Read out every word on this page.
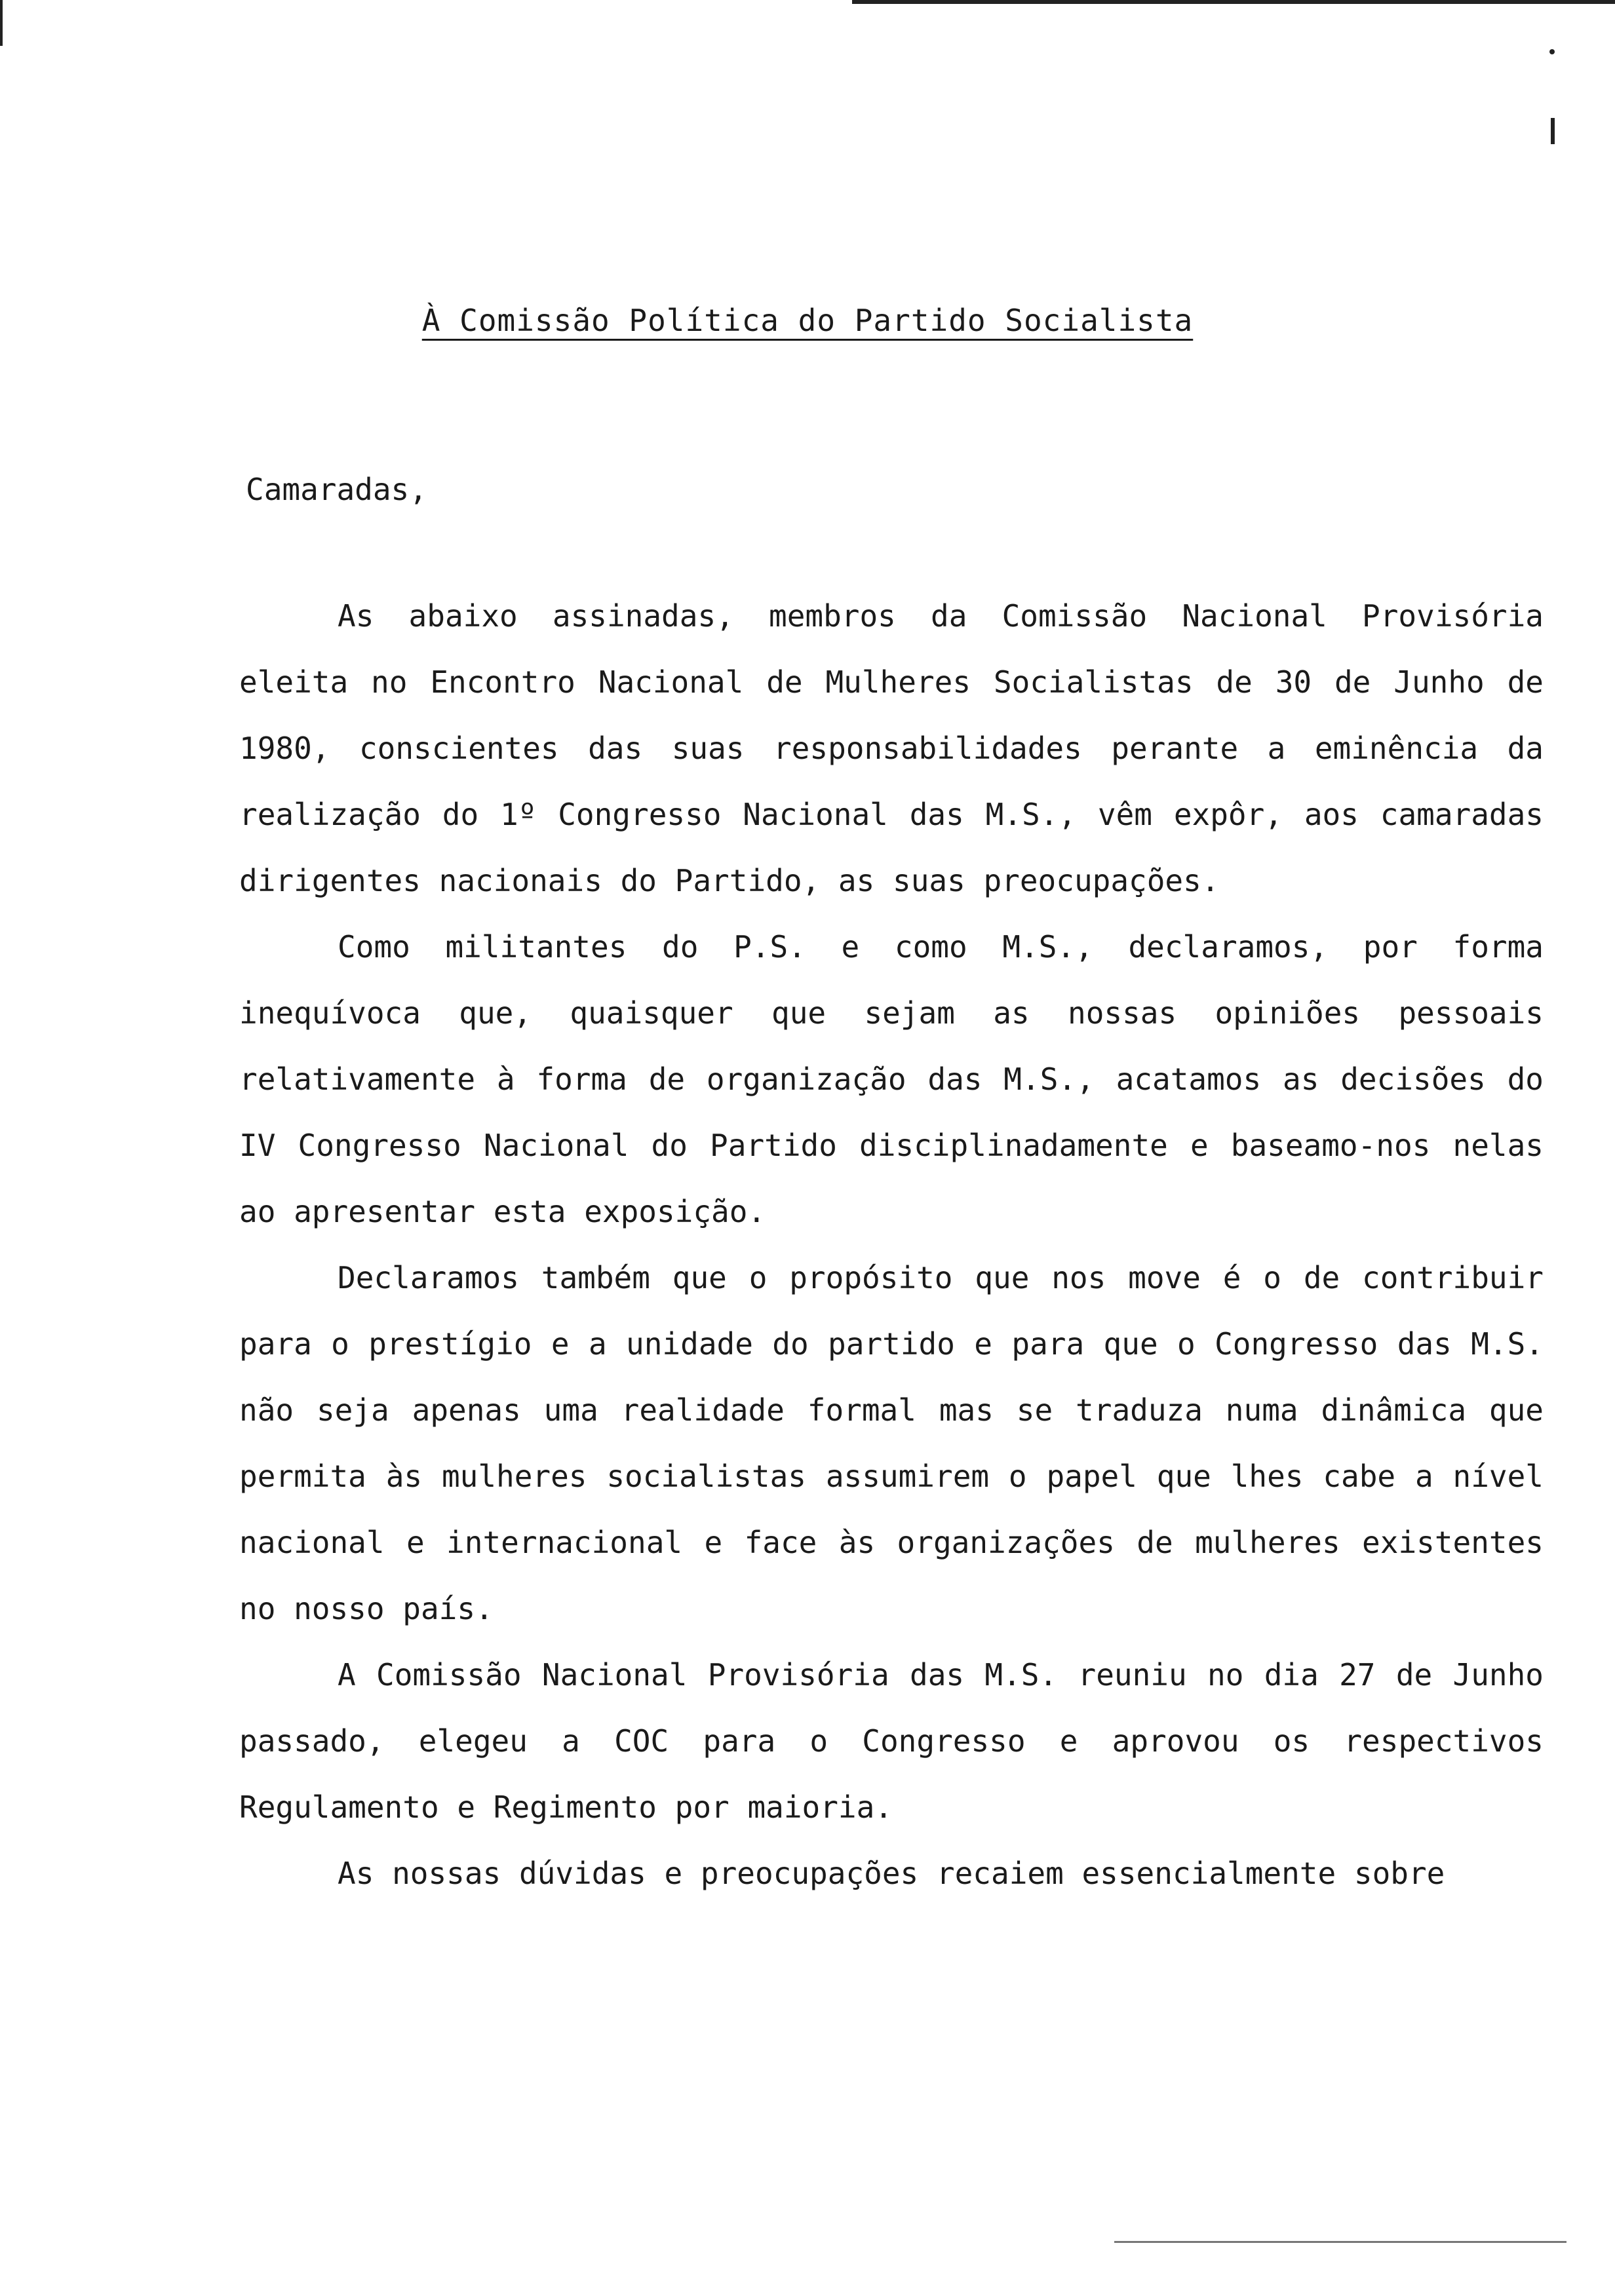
À Comissão Política do Partido Socialista
Camaradas,

As abaixo assinadas, membros da Comissão Nacional Provisória eleita no Encontro Nacional de Mulheres Socialistas de 30 de Junho de 1980, conscientes das suas responsabilidades perante a eminência da realização do 1º Congresso Nacional das M.S., vêm expôr, aos camaradas dirigentes nacionais do Partido, as suas preocupações.

Como militantes do P.S. e como M.S., declaramos, por forma inequívoca que, quaisquer que sejam as nossas opiniões pessoais relativamente à forma de organização das M.S., acatamos as decisões do IV Congresso Nacional do Partido disciplinadamente e baseamo-nos nelas ao apresentar esta exposição.

Declaramos também que o propósito que nos move é o de contribuir para o prestígio e a unidade do partido e para que o Congresso das M.S. não seja apenas uma realidade formal mas se traduza numa dinâmica que permita às mulheres socialistas assumirem o papel que lhes cabe a nível nacional e internacional e face às organizações de mulheres existentes no nosso país.

A Comissão Nacional Provisória das M.S. reuniu no dia 27 de Junho passado, elegeu a COC para o Congresso e aprovou os respectivos Regulamento e Regimento por maioria.

As nossas dúvidas e preocupações recaiem essencialmente sobre
